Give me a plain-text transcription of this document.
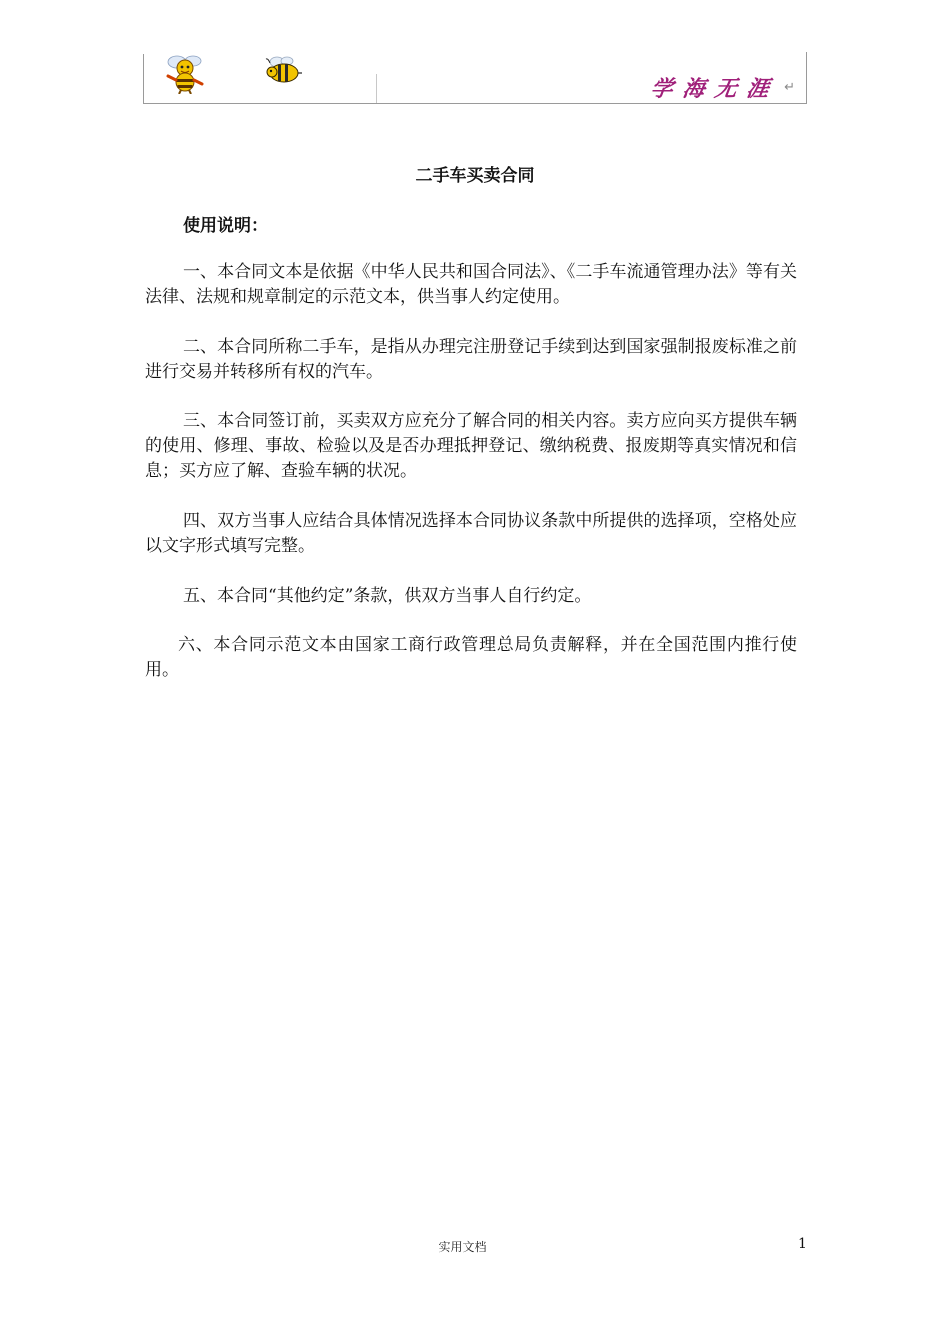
学海无涯 ↵
二手车买卖合同
使用说明：
一、本合同文本是依据《中华人民共和国合同法》、《二手车流通管理办法》等有关法律、法规和规章制定的示范文本，供当事人约定使用。
二、本合同所称二手车，是指从办理完注册登记手续到达到国家强制报废标准之前进行交易并转移所有权的汽车。
三、本合同签订前，买卖双方应充分了解合同的相关内容。卖方应向买方提供车辆的使用、修理、事故、检验以及是否办理抵押登记、缴纳税费、报废期等真实情况和信息；买方应了解、查验车辆的状况。
四、双方当事人应结合具体情况选择本合同协议条款中所提供的选择项，空格处应以文字形式填写完整。
五、本合同“其他约定”条款，供双方当事人自行约定。
六、本合同示范文本由国家工商行政管理总局负责解释，并在全国范围内推行使用。
实用文档	1
